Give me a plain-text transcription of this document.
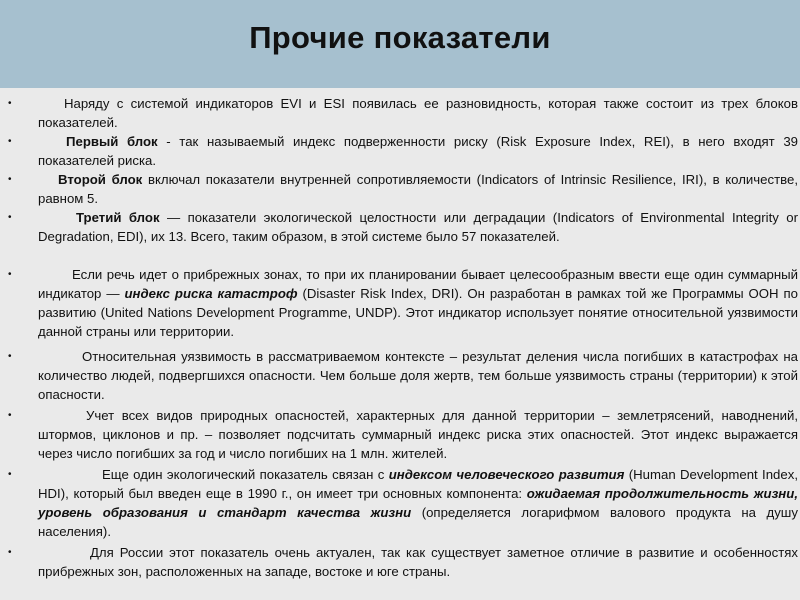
Прочие показатели
•	Наряду с системой индикаторов EVI и ESI появилась ее разновидность, которая также состоит из трех блоков показателей.
•	Первый блок - так называемый индекс подверженности риску (Risk Exposure Index, REI), в него входят 39 показателей риска.
•	Второй блок включал показатели внутренней сопротивляемости (Indicators of Intrinsic Resilience, IRI), в количестве, равном 5.
•	Третий блок — показатели экологической целостности или деградации (Indicators of Environmental Integrity or Degradation, EDI), их 13. Всего, таким образом, в этой системе было 57 показателей.
•	Если речь идет о прибрежных зонах, то при их планировании бывает целесообразным ввести еще один суммарный индикатор — индекс риска катастроф (Disaster Risk Index, DRI). Он разработан в рамках той же Программы ООН по развитию (United Nations Development Programme, UNDP). Этот индикатор использует понятие относительной уязвимости данной страны или территории.
•	Относительная уязвимость в рассматриваемом контексте – результат деления числа погибших в катастрофах на количество людей, подвергшихся опасности. Чем больше доля жертв, тем больше уязвимость страны (территории) к этой опасности.
•	Учет всех видов природных опасностей, характерных для данной территории – землетрясений, наводнений, штормов, циклонов и пр. – позволяет подсчитать суммарный индекс риска этих опасностей. Этот индекс выражается через число погибших за год и число погибших на 1 млн. жителей.
•	Еще один экологический показатель связан с индексом человеческого развития (Human Development Index, HDI), который был введен еще в 1990 г., он имеет три основных компонента: ожидаемая продолжительность жизни, уровень образования и стандарт качества жизни (определяется логарифмом валового продукта на душу населения).
•	Для России этот показатель очень актуален, так как существует заметное отличие в развитие и особенностях прибрежных зон, расположенных на западе, востоке и юге страны.
